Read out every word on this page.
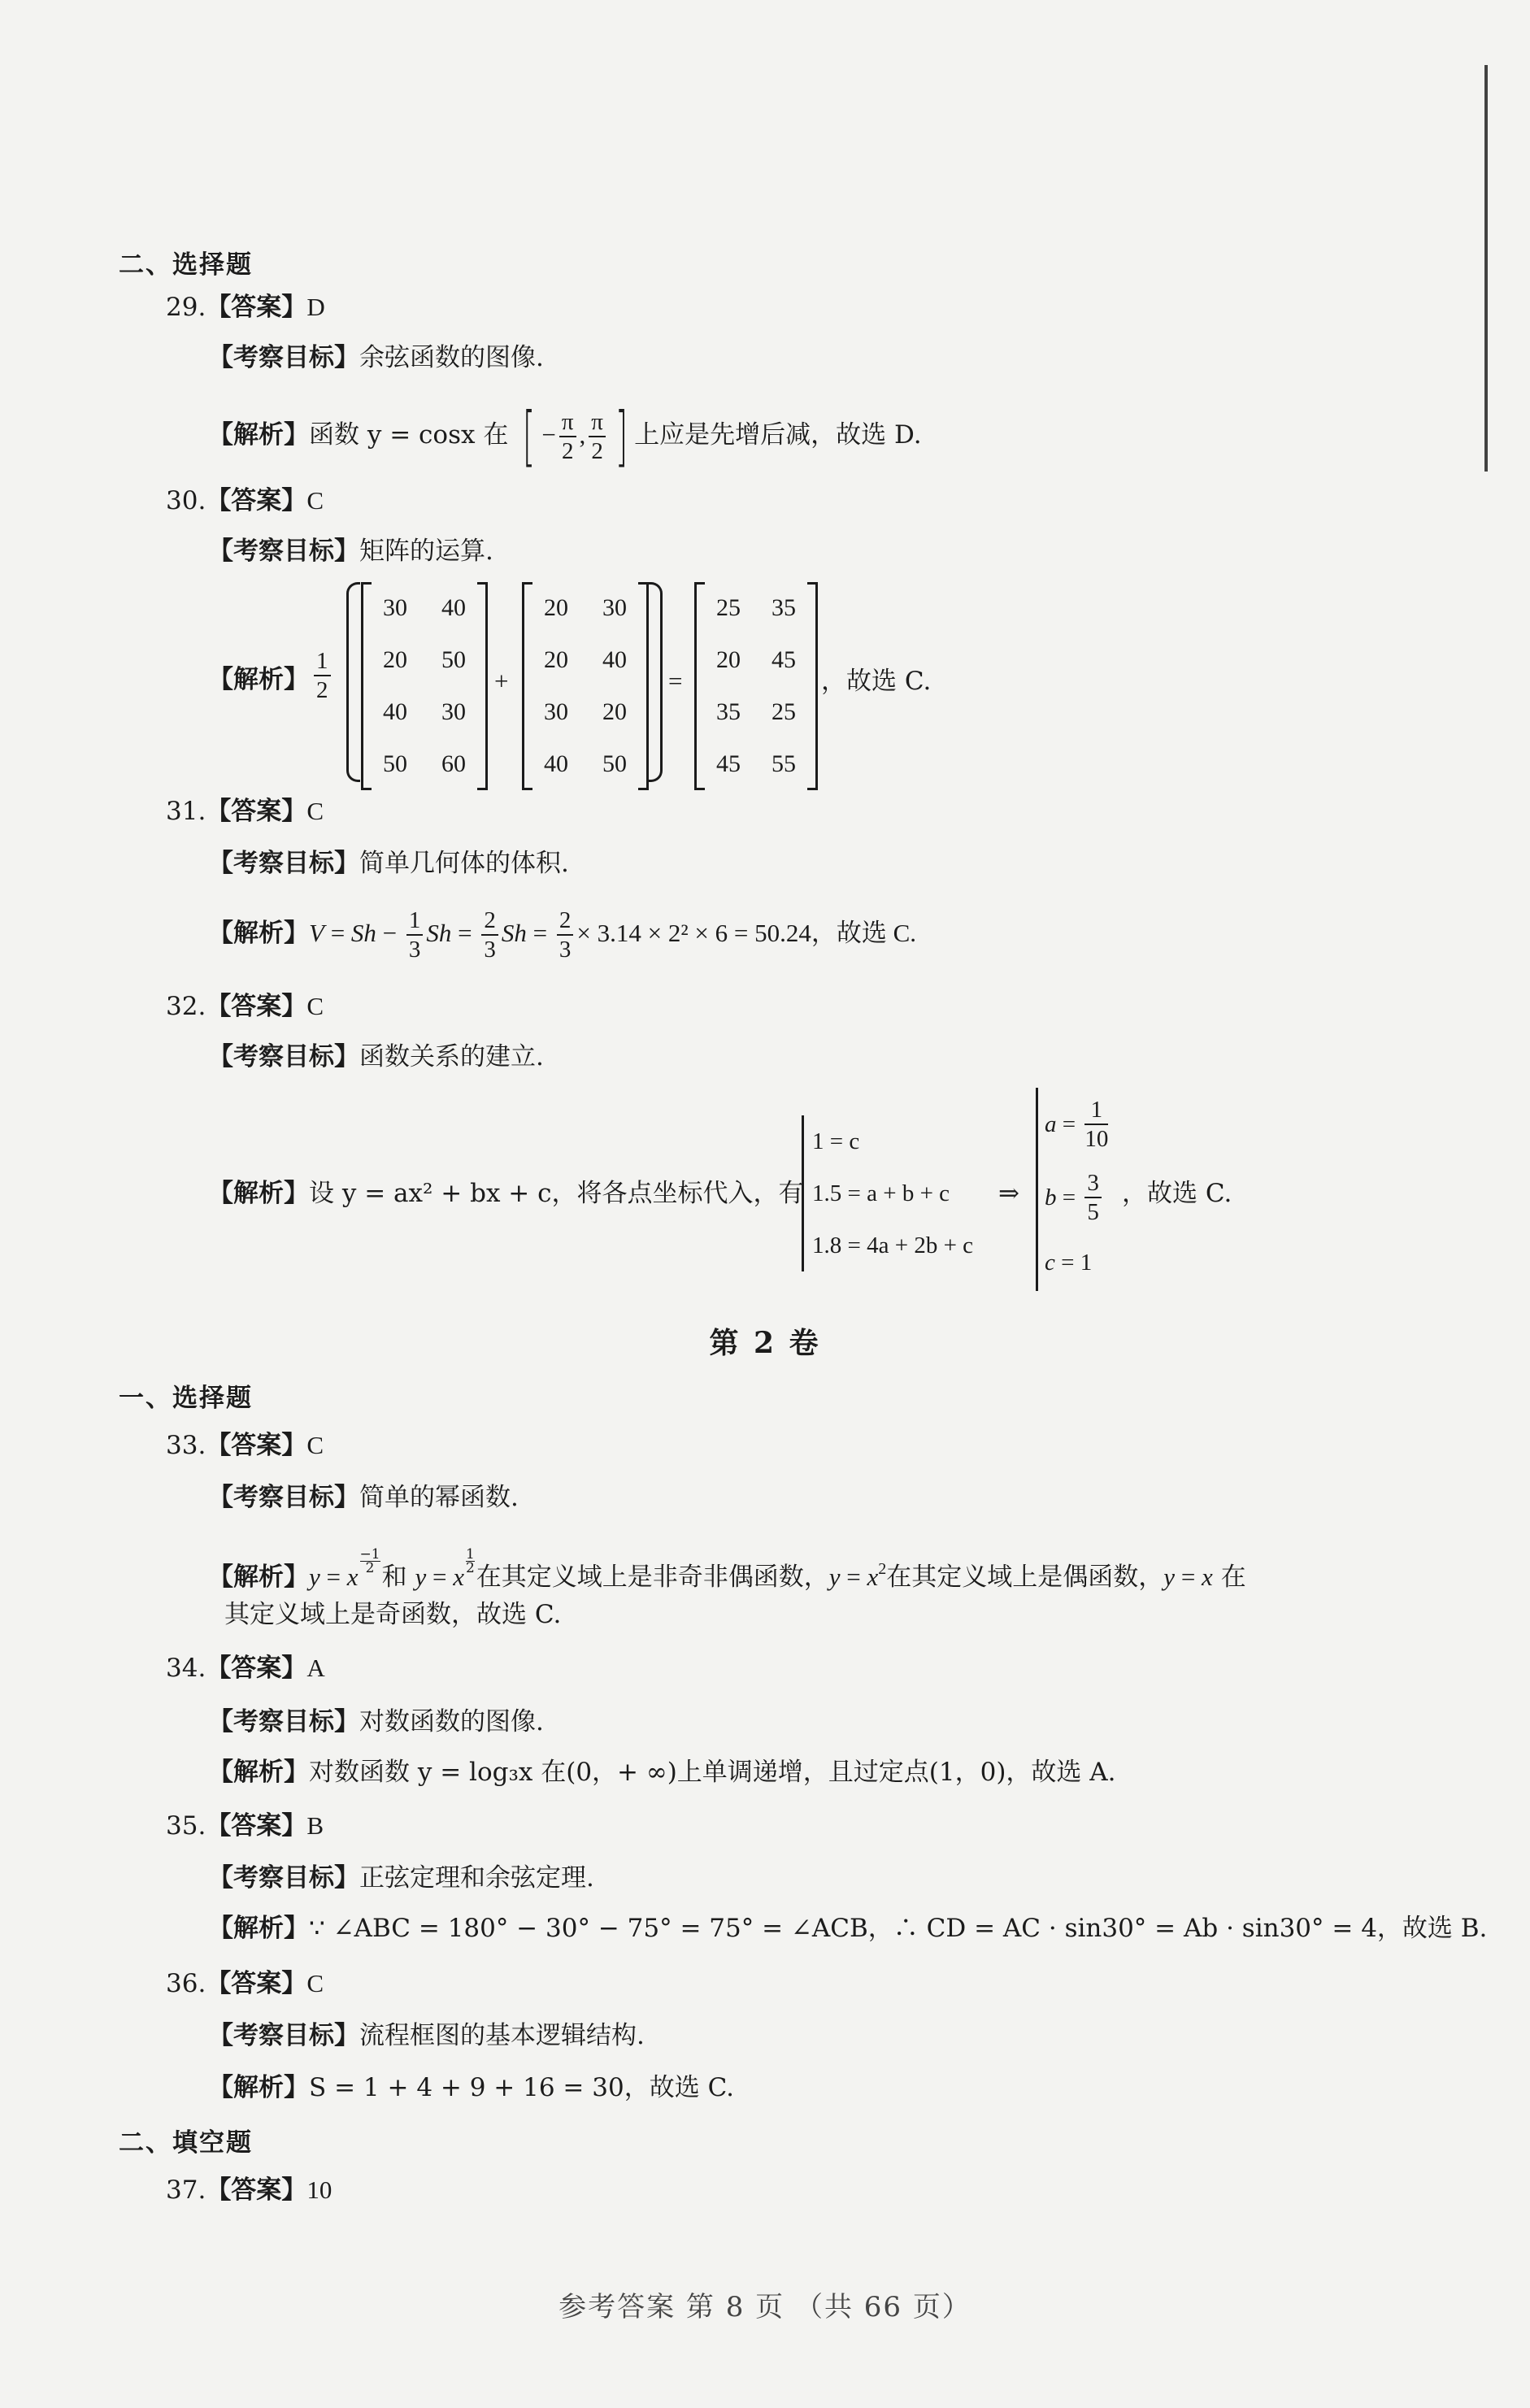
二、选择题
29.【答案】D
【考察目标】余弦函数的图像.
【解析】函数 y = cosx 在 [ − $\frac{\pi}{2}$ , $\frac{\pi}{2}$ ] 上应是先增后减，故选 D.
30.【答案】C
【考察目标】矩阵的运算.
【解析】 $\frac{1}{2}$
30 40
20 50
40 30
50 60
+
20 30
20 40
30 20
40 50
=
25 35
20 45
35 25
45 55
，故选 C.
31.【答案】C
【考察目标】简单几何体的体积.
【解析】$V = Sh - \frac{1}{3}$ $Sh = \frac{2}{3}$ $Sh = \frac{2}{3} \times 3.14 \times 2^2 \times 6 = 50.24$，故选 C.
32.【答案】C
【考察目标】函数关系的建立.
【解析】设 y = ax² + bx + c，将各点坐标代入，有
1 = c
1.5 = a + b + c
1.8 = 4a + 2b + c
⇒
$a = \frac{1}{10}$
$b = \frac{3}{5}$
c = 1
，故选 C.
第 2 卷
一、选择题
33.【答案】C
【考察目标】简单的幂函数.
【解析】y = x
$\frac{-1}{2}$
和 y = x
$\frac{1}{2}$
在其定义域上是非奇非偶函数，$y = x^2$在其定义域上是偶函数，y = x 在
其定义域上是奇函数，故选 C.
34.【答案】A
【考察目标】对数函数的图像.
【解析】对数函数 y = log₃x 在(0，+ ∞)上单调递增，且过定点(1，0)，故选 A.
35.【答案】B
【考察目标】正弦定理和余弦定理.
【解析】∵ ∠ABC = 180° − 30° − 75° = 75° = ∠ACB，∴ CD = AC · sin30° = Ab · sin30° = 4，故选 B.
36.【答案】C
【考察目标】流程框图的基本逻辑结构.
【解析】S = 1 + 4 + 9 + 16 = 30，故选 C.
二、填空题
37.【答案】10
参考答案 第 8 页 （共 66 页）
